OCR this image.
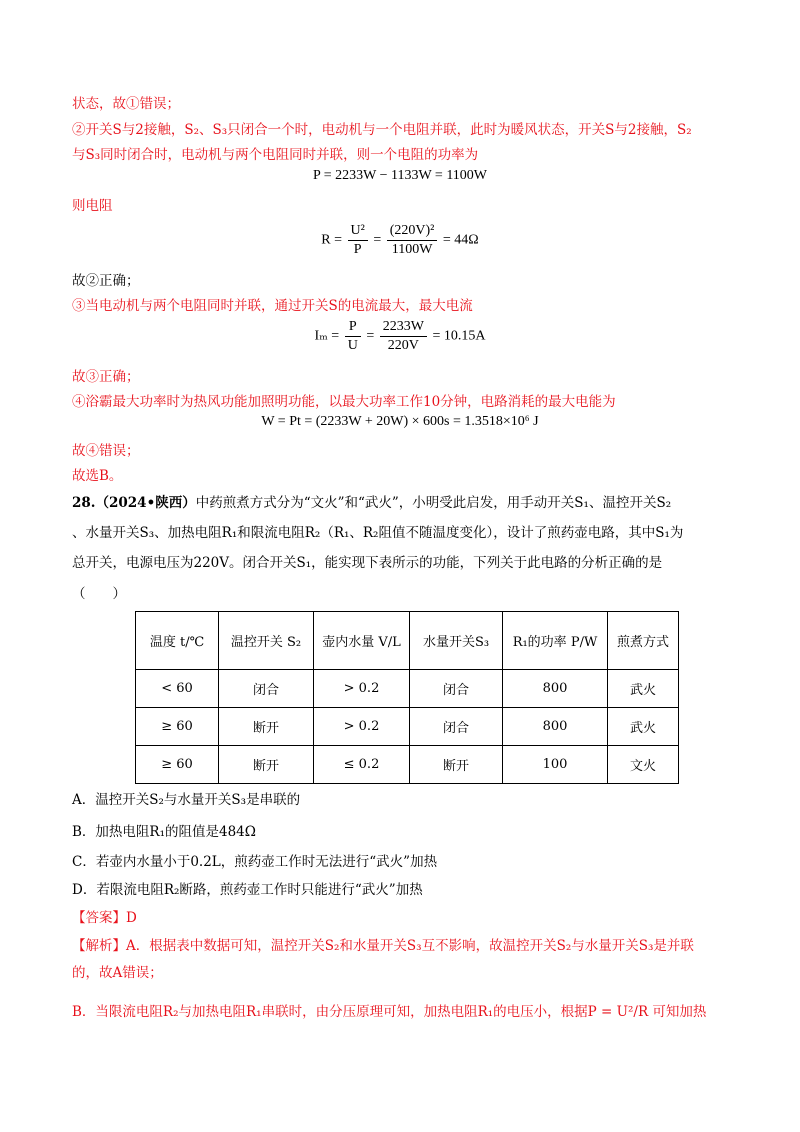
状态，故①错误；
②开关S与2接触，S₂、S₃只闭合一个时，电动机与一个电阻并联，此时为暖风状态，开关S与2接触，S₂
与S₃同时闭合时，电动机与两个电阻同时并联，则一个电阻的功率为
P = 2233W − 1133W = 1100W
则电阻
$R = \frac{\text{U²}}{P} = \frac{\text{(220V)²}}{1100W} = 44\Omega$
故②正确；
③当电动机与两个电阻同时并联，通过开关S的电流最大，最大电流
$I_m = \frac{P}{U} = \frac{2233W}{220V} = 10.15A$
故③正确；
④浴霸最大功率时为热风功能加照明功能，以最大功率工作10分钟，电路消耗的最大电能为
W = Pt = (2233W + 20W) × 600s = 1.3518×10⁶ J
故④错误；
故选B。
28.（2024•陕西）中药煎煮方式分为“文火”和“武火”，小明受此启发，用手动开关S₁、温控开关S₂
、水量开关S₃、加热电阻R₁和限流电阻R₂（R₁、R₂阻值不随温度变化），设计了煎药壶电路，其中S₁为
总开关，电源电压为220V。闭合开关S₁，能实现下表所示的功能，下列关于此电路的分析正确的是
（　　）
温度 t/℃	温控开关 S₂	壶内水量 V/L	水量开关S₃	R₁的功率 P/W	煎煮方式
< 60	闭合	> 0.2	闭合	800	武火
≥ 60	断开	> 0.2	闭合	800	武火
≥ 60	断开	≤ 0.2	断开	100	文火
A．温控开关S₂与水量开关S₃是串联的
B．加热电阻R₁的阻值是484Ω
C．若壶内水量小于0.2L，煎药壶工作时无法进行“武火”加热
D．若限流电阻R₂断路，煎药壶工作时只能进行“武火”加热
【答案】D
【解析】A．根据表中数据可知，温控开关S₂和水量开关S₃互不影响，故温控开关S₂与水量开关S₃是并联
的，故A错误；
B．当限流电阻R₂与加热电阻R₁串联时，由分压原理可知，加热电阻R₁的电压小，根据P = U²/R 可知加热
